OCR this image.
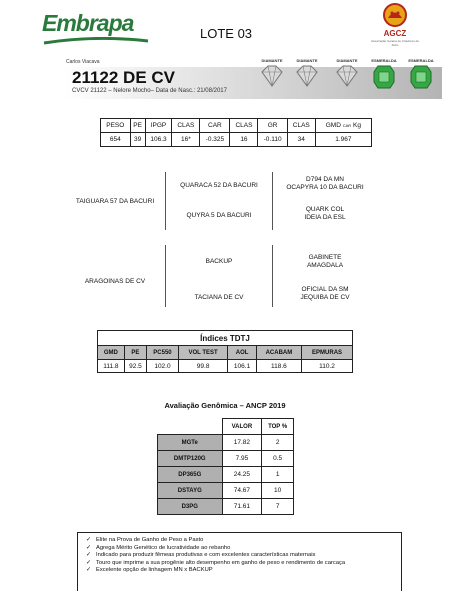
Embrapa	LOTE 03	AGCZ
Associação Goiana de Criadores de Zebu
Carlos Viacava
21122 DE CV
CVCV 21122 – Nelore Mocho– Data de Nasc.: 21/08/2017
DIAMANTE	DIAMANTE	DIAMANTE	ESMERALDA	ESMERALDA
PESO	PE	IPGP	CLAS	CAR	CLAS	GR	CLAS	GMD CAR Kg
654	39	106.3	16*	-0.325	16	-0.110	34	1.967
TAIGUARA 57 DA BACURI
QUARACA 52 DA BACURI
QUYRA 5 DA BACURI
D794 DA MN
OCAPYRA 10 DA BACURI
QUARK COL
IDEIA DA ESL
ARAGOINAS DE CV
BACKUP
TACIANA DE CV
GABINETE
AMAGDALA
OFICIAL DA SM
JEQUIBA DE CV
Índices TDTJ						
GMD	PE	PC550	VOL TEST	AOL	ACABAM	EPMURAS
111.8	92.5	102.0	99.8	106.1	118.6	110.2
Avaliação Genômica – ANCP 2019
	VALOR	TOP %
MGTe	17.82	2
DMTP120G	7.95	0.5
DP365G	24.25	1
DSTAYG	74.67	10
D3PG	71.61	7
✓ Elite na Prova de Ganho de Peso a Pasto
✓ Agrega Mérito Genético de lucratividade ao rebanho
✓ Indicado para produzir fêmeas produtivas e com excelentes características maternais
✓ Touro que imprime a sua progênie alto desempenho em ganho de peso e rendimento de carcaça
✓ Excelente opção de linhagem MN x BACKUP
